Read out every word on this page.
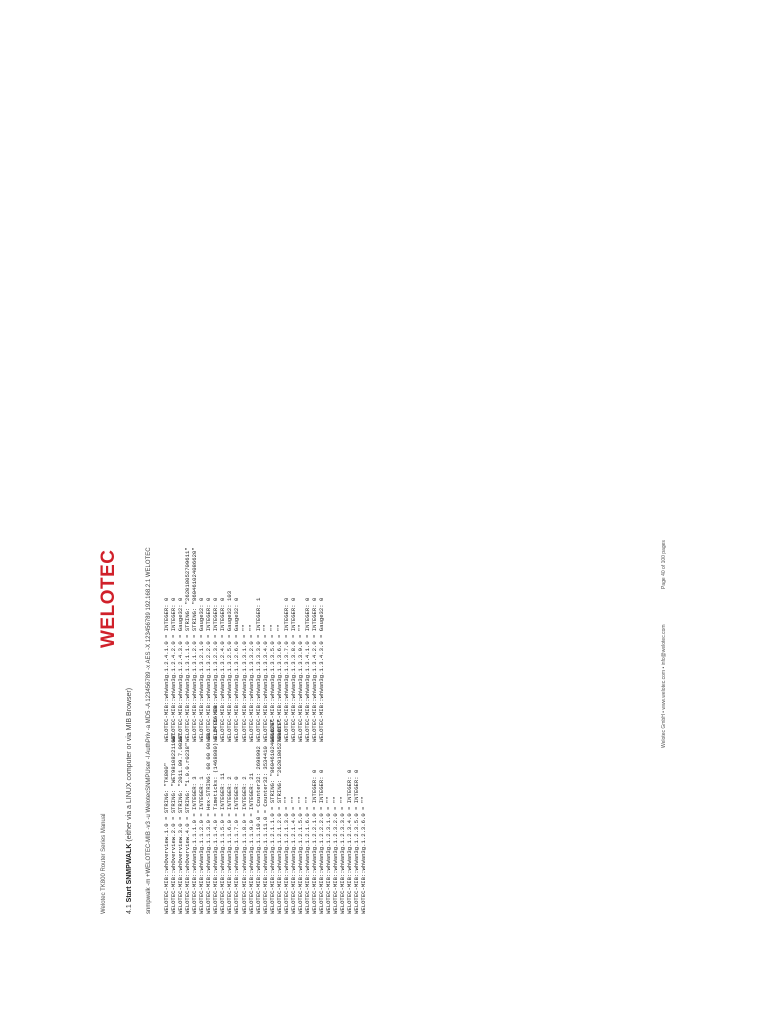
Welotec TK800 Router Series Manual
WELOTEC
4.1 Start SNMPWALK (either via a LINUX computer or via MIB Browser) snmpwalk -m +WELOTEC-MIB -v3 -u WelotecSNMPUser -l AuthPriv -a MD5 -A 123456789 -x AES -X 123456789 192.168.2.1 WELOTEC WELOTEC-MIB::whOverview.1.0 = STRING: "TK800" WELOTEC-MIB::whOverview.2.0 = STRING: "WET9810822110D" WELOTEC-MIB::whOverview.3.0 = STRING: "2011.09.7.0020" WELOTEC-MIB::whOverview.4.0 = STRING: "1.0.0.r0238" WELOTEC-MIB::whWan3g.1.1.1.0 = INTEGER: 3 WELOTEC-MIB::whWan3g.1.1.2.0 = INTEGER: 1 WELOTEC-MIB::whWan3g.1.1.3.0 = Hex-STRING: 08 00 00 00 WELOTEC-MIB::whWan3g.1.1.4.0 = Timeticks: (1468080) 0:24:56.00 WELOTEC-MIB::whWan3g.1.1.5.0 = INTEGER: 11 WELOTEC-MIB::whWan3g.1.1.6.0 = INTEGER: 2 WELOTEC-MIB::whWan3g.1.1.7.0 = INTEGER: 0 WELOTEC-MIB::whWan3g.1.1.8.0 = INTEGER: 2 WELOTEC-MIB::whWan3g.1.1.9.0 = INTEGER: 21 WELOTEC-MIB::whWan3g.1.1.10.0 = Counter32: 2698992 WELOTEC-MIB::whWan3g.1.1.11.0 = Counter32: 3534410 WELOTEC-MIB::whWan3g.1.2.1.1.0 = STRING: "860461024086620" WELOTEC-MIB::whWan3g.1.2.1.2.0 = STRING: "262018052709611" WELOTEC-MIB::whWan3g.1.2.1.3.0 = "" WELOTEC-MIB::whWan3g.1.2.1.4.0 = "" WELOTEC-MIB::whWan3g.1.2.1.5.0 = "" WELOTEC-MIB::whWan3g.1.2.1.6.0 = "" WELOTEC-MIB::whWan3g.1.2.2.1.0 = INTEGER: 0 WELOTEC-MIB::whWan3g.1.2.2.2.0 = INTEGER: 0 WELOTEC-MIB::whWan3g.1.2.3.1.0 = "" WELOTEC-MIB::whWan3g.1.2.3.2.0 = "" WELOTEC-MIB::whWan3g.1.2.3.3.0 = "" WELOTEC-MIB::whWan3g.1.2.3.4.0 = INTEGER: 0 WELOTEC-MIB::whWan3g.1.2.3.5.0 = INTEGER: 0 WELOTEC-MIB::whWan3g.1.2.3.6.0 = ""
WELOTEC-MIB::whWan3g.1.2.4.1.0 = INTEGER: 0 WELOTEC-MIB::whWan3g.1.2.4.2.0 = INTEGER: 0 WELOTEC-MIB::whWan3g.1.2.4.3.0 = Gauge32: 0 WELOTEC-MIB::whWan3g.1.3.1.1.0 = STRING: "262018052709611" WELOTEC-MIB::whWan3g.1.3.1.2.0 = STRING: "860461024086620" WELOTEC-MIB::whWan3g.1.3.2.1.0 = Gauge32: 0 WELOTEC-MIB::whWan3g.1.3.2.2.0 = INTEGER: 0 WELOTEC-MIB::whWan3g.1.3.2.3.0 = INTEGER: 0 WELOTEC-MIB::whWan3g.1.3.2.4.0 = INTEGER: 0 WELOTEC-MIB::whWan3g.1.3.2.5.0 = Gauge32: 103 WELOTEC-MIB::whWan3g.1.3.2.6.0 = Gauge32: 0 WELOTEC-MIB::whWan3g.1.3.3.1.0 = "" WELOTEC-MIB::whWan3g.1.3.3.2.0 = "" WELOTEC-MIB::whWan3g.1.3.3.3.0 = INTEGER: 1 WELOTEC-MIB::whWan3g.1.3.3.4.0 = "" WELOTEC-MIB::whWan3g.1.3.3.5.0 = "" WELOTEC-MIB::whWan3g.1.3.3.6.0 = "" WELOTEC-MIB::whWan3g.1.3.3.7.0 = INTEGER: 0 WELOTEC-MIB::whWan3g.1.3.3.8.0 = INTEGER: 0 WELOTEC-MIB::whWan3g.1.3.3.9.0 = "" WELOTEC-MIB::whWan3g.1.3.4.1.0 = INTEGER: 0 WELOTEC-MIB::whWan3g.1.3.4.2.0 = INTEGER: 0 WELOTEC-MIB::whWan3g.1.3.4.3.0 = Gauge32: 0	Welotec GmbH • www.welotec.com • info@welotec.com
Page 40 of 100 pages
